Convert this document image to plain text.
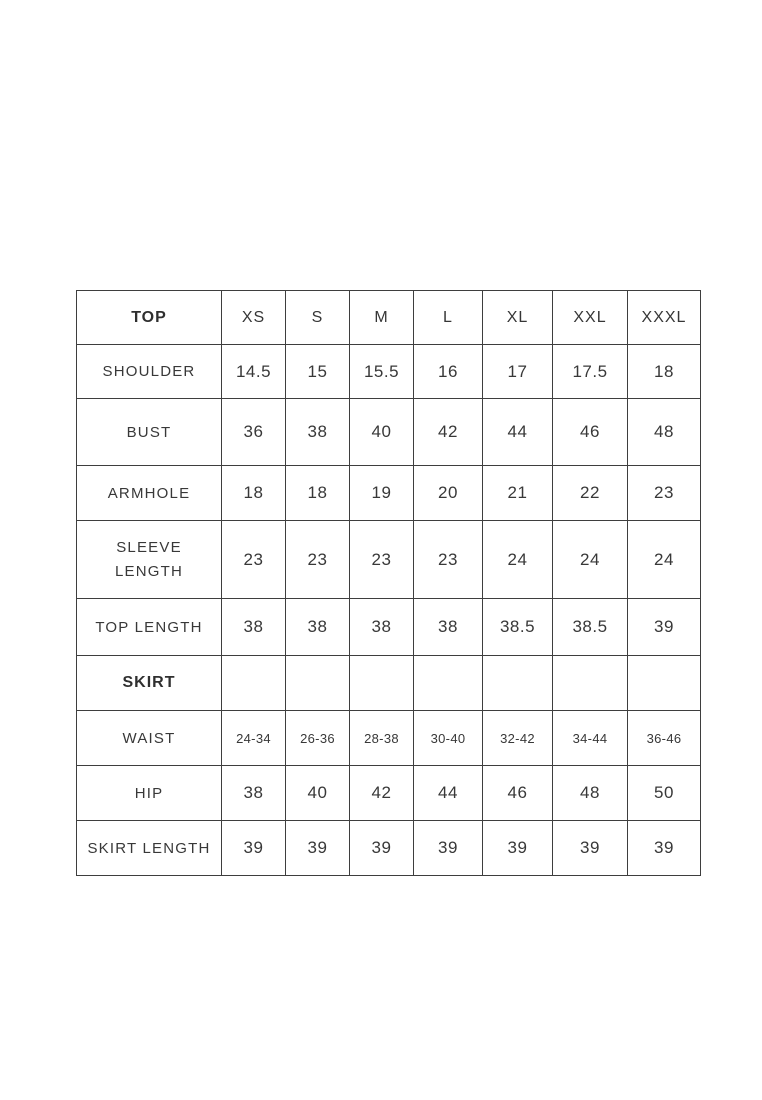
TOP	XS	S	M	L	XL	XXL	XXXL
SHOULDER	14.5	15	15.5	16	17	17.5	18
BUST	36	38	40	42	44	46	48
ARMHOLE	18	18	19	20	21	22	23
SLEEVE LENGTH	23	23	23	23	24	24	24
TOP LENGTH	38	38	38	38	38.5	38.5	39
SKIRT							
WAIST	24-34	26-36	28-38	30-40	32-42	34-44	36-46
HIP	38	40	42	44	46	48	50
SKIRT LENGTH	39	39	39	39	39	39	39
